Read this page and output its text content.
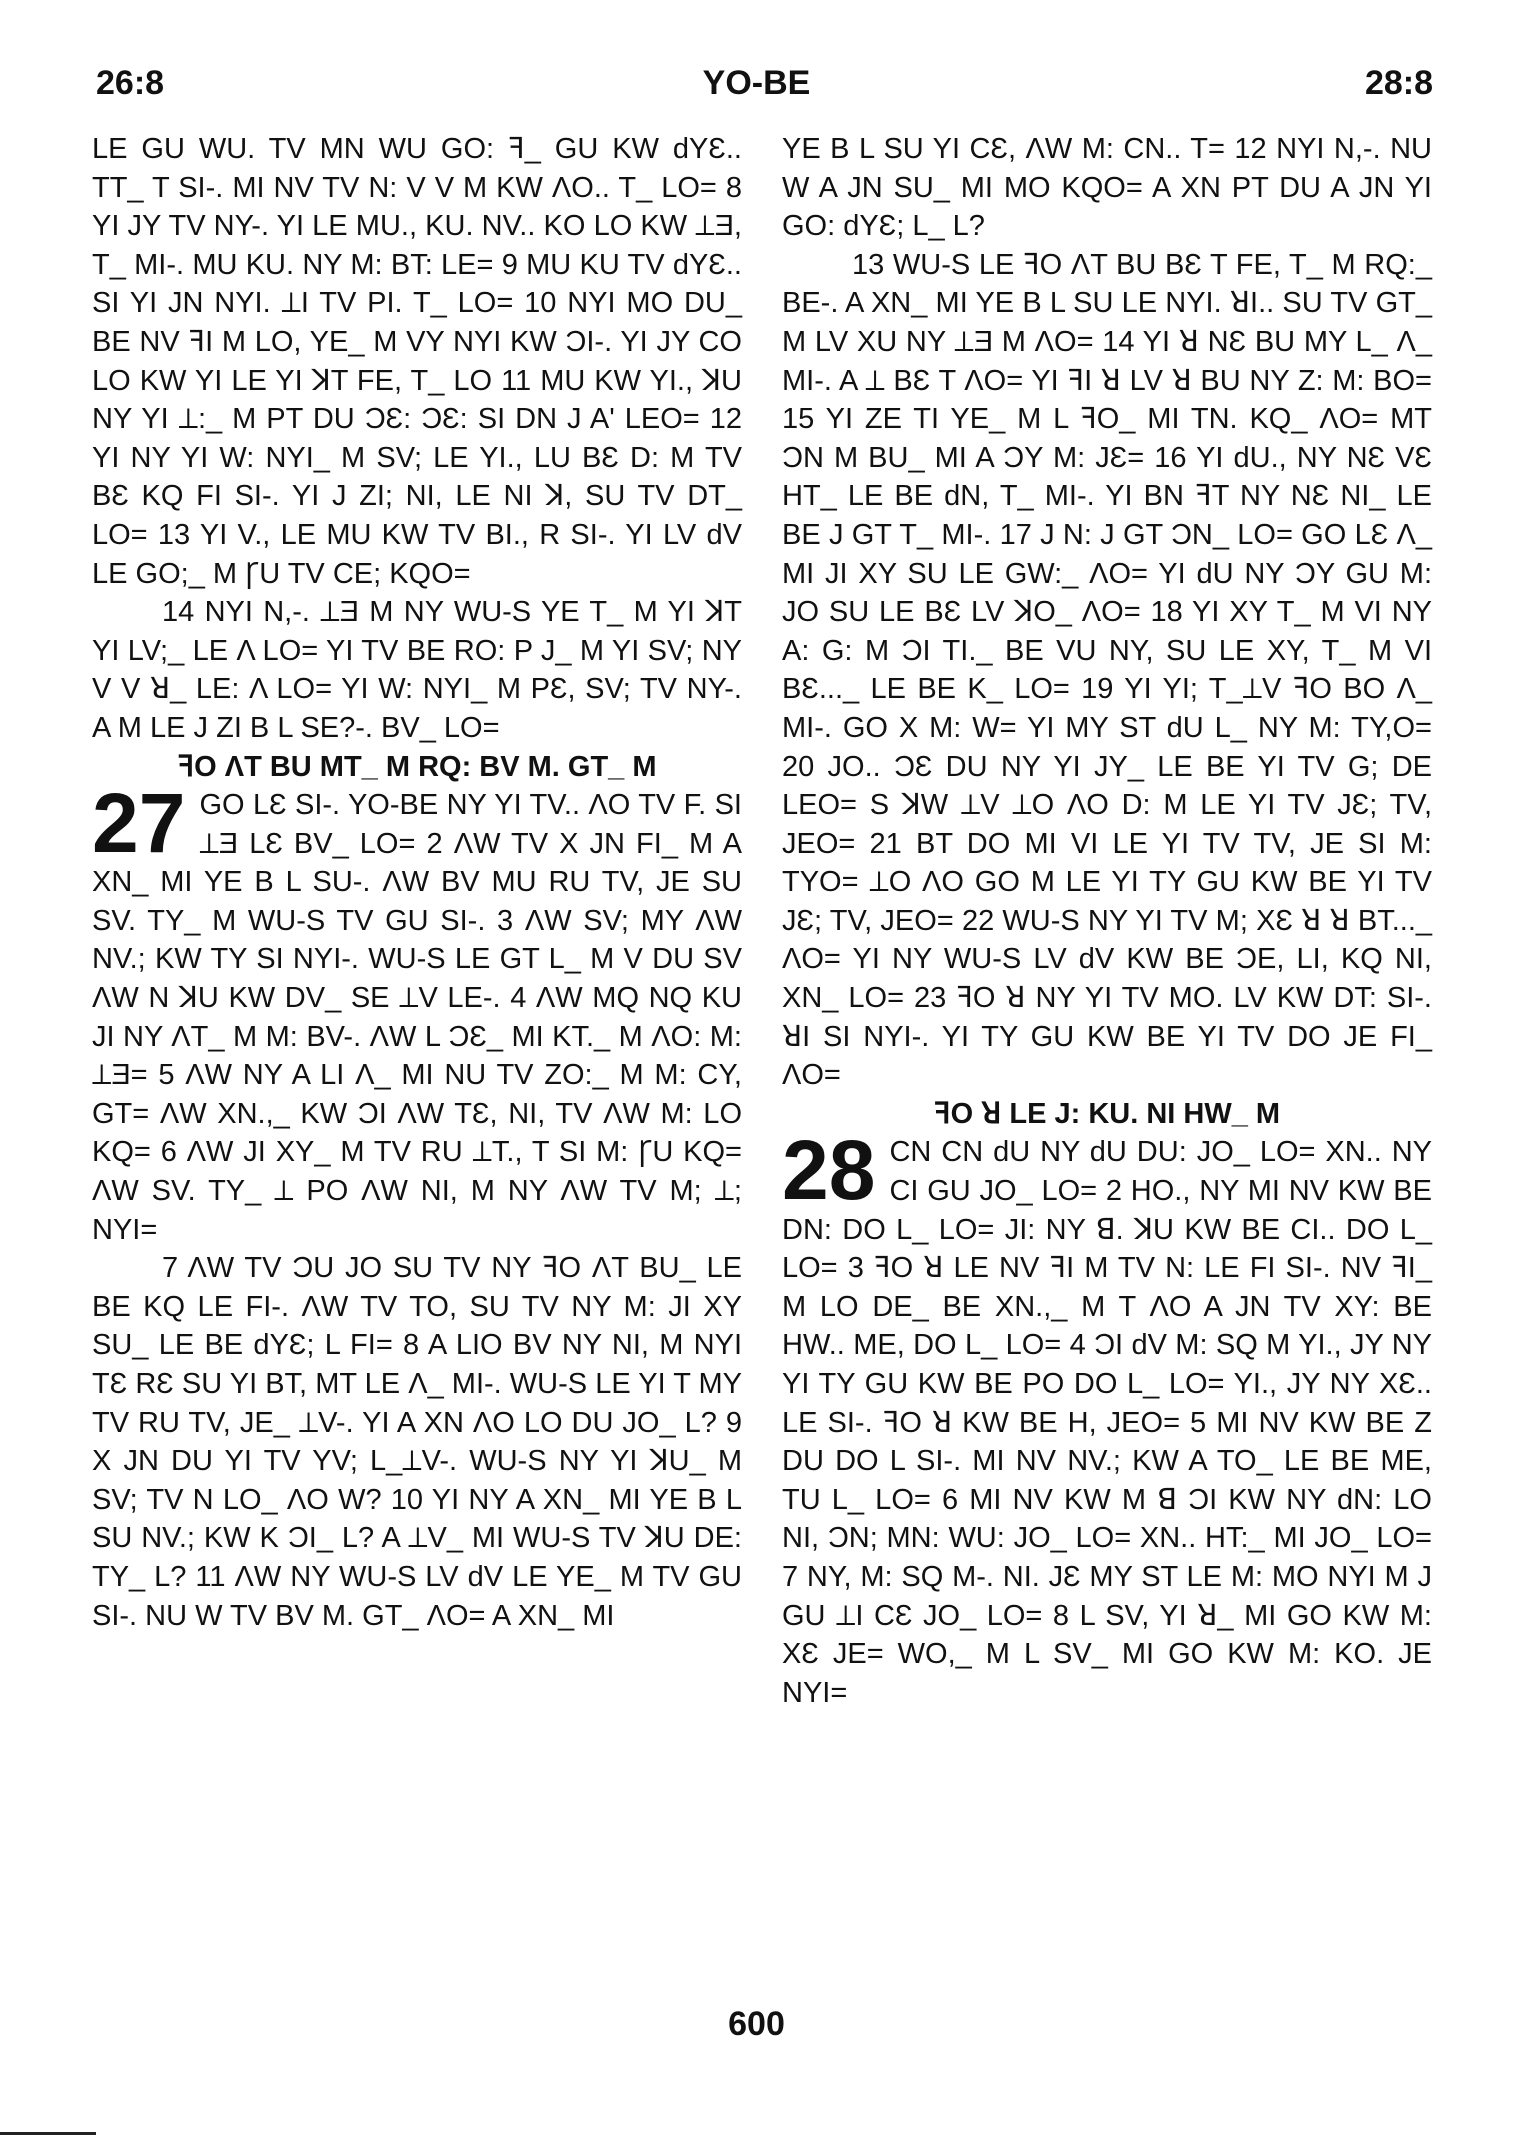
26:8	YO-BE	28:8

LE GU WU. TV MN WU GO: ꟻ_ GU KW dYƐ.. TT_ T SI-. MI NV TV N: V V M KW ΛO.. T_ LO= 8 YI JY TV NY-. YI LE MU., KU. NV.. KO LO KW ⟂Ǝ, T_ MI-. MU KU. NY M: BT: LE= 9 MU KU TV dYƐ.. SI YI JN NYI. ⟂I TV PI. T_ LO= 10 NYI MO DU_ BE NV ꟻI M LO, YE_ M VY NYI KW ƆI-. YI JY CO LO KW YI LE YI ꓘT FE, T_ LO 11 MU KW YI., ꓘU NY YI ⟂:_ M PT DU ƆƐ: ƆƐ: SI DN J A' LEO= 12 YI NY YI W: NYI_ M SV; LE YI., LU BƐ D: M TV BƐ KQ FI SI-. YI J ZI; NI, LE NI ꓘ, SU TV DT_ LO= 13 YI V., LE MU KW TV BI., R SI-. YI LV dV LE GO;_ M ꞄU TV CE; KQO=

14 NYI N,-. ⟂Ǝ M NY WU-S YE T_ M YI ꓘT YI LV;_ LE Λ LO= YI TV BE RO: P J_ M YI SV; NY V V ꓤ_ LE: Λ LO= YI W: NYI_ M PƐ, SV; TV NY-. A M LE J ZI B L SE?-. BV_ LO=

ꟻO ΛT BU MT_ M RQ: BV M. GT_ M

27 GO LƐ SI-. YO-BE NY YI TV.. ΛO TV F. SI ⟂Ǝ LƐ BV_ LO= 2 ΛW TV X JN FI_ M A XN_ MI YE B L SU-. ΛW BV MU RU TV, JE SU SV. TY_ M WU-S TV GU SI-. 3 ΛW SV; MY ΛW NV.; KW TY SI NYI-. WU-S LE GT L_ M V DU SV ΛW N ꓘU KW DV_ SE ⟂V LE-. 4 ΛW MQ NQ KU JI NY ΛT_ M M: BV-. ΛW L ƆƐ_ MI KT._ M ΛO: M: ⟂Ǝ= 5 ΛW NY A LI Λ_ MI NU TV ZO:_ M M: CY, GT= ΛW XN.,_ KW ƆI ΛW TƐ, NI, TV ΛW M: LO KQ= 6 ΛW JI XY_ M TV RU ⟂T., T SI M: ꞄU KQ= ΛW SV. TY_ ⟂ PO ΛW NI, M NY ΛW TV M; ⟂; NYI=

7 ΛW TV ƆU JO SU TV NY ꟻO ΛT BU_ LE BE KQ LE FI-. ΛW TV TO, SU TV NY M: JI XY SU_ LE BE dYƐ; L FI= 8 A LIO BV NY NI, M NYI TƐ RƐ SU YI BT, MT LE Λ_ MI-. WU-S LE YI T MY TV RU TV, JE_ ⟂V-. YI A XN ΛO LO DU JO_ L? 9 X JN DU YI TV YV; L_⟂V-. WU-S NY YI ꓘU_ M SV; TV N LO_ ΛO W? 10 YI NY A XN_ MI YE B L SU NV.; KW K ƆI_ L? A ⟂V_ MI WU-S TV ꓘU DE: TY_ L? 11 ΛW NY WU-S LV dV LE YE_ M TV GU SI-. NU W TV BV M. GT_ ΛO= A XN_ MI

YE B L SU YI CƐ, ΛW M: CN.. T= 12 NYI N,-. NU W A JN SU_ MI MO KQO= A XN PT DU A JN YI GO: dYƐ; L_ L?

13 WU-S LE ꟻO ΛT BU BƐ T FE, T_ M RQ:_ BE-. A XN_ MI YE B L SU LE NYI. ꓤI.. SU TV GT_ M LV XU NY ⟂Ǝ M ΛO= 14 YI ꓤ NƐ BU MY L_ Λ_ MI-. A ⟂ BƐ T ΛO= YI ꟻI ꓤ LV ꓤ BU NY Z: M: BO= 15 YI ZE TI YE_ M L ꟻO_ MI TN. KQ_ ΛO= MT ƆN M BU_ MI A ƆY M: JƐ= 16 YI dU., NY NƐ VƐ HT_ LE BE dN, T_ MI-. YI BN ꟻT NY NƐ NI_ LE BE J GT T_ MI-. 17 J N: J GT ƆN_ LO= GO LƐ Λ_ MI JI XY SU LE GW:_ ΛO= YI dU NY ƆY GU M: JO SU LE BƐ LV ꓘO_ ΛO= 18 YI XY T_ M VI NY A: G: M ƆI TI._ BE VU NY, SU LE XY, T_ M VI BƐ..._ LE BE K_ LO= 19 YI YI; T_⟂V ꟻO BO Λ_ MI-. GO X M: W= YI MY ST dU L_ NY M: TY,O= 20 JO.. ƆƐ DU NY YI JY_ LE BE YI TV G; DE LEO= S ꓘW ⟂V ⟂O ΛO D: M LE YI TV JƐ; TV, JEO= 21 BT DO MI VI LE YI TV TV, JE SI M: TYO= ⟂O ΛO GO M LE YI TY GU KW BE YI TV JƐ; TV, JEO= 22 WU-S NY YI TV M; XƐ ꓤ ꓤ BT..._ ΛO= YI NY WU-S LV dV KW BE ƆE, LI, KQ NI, XN_ LO= 23 ꟻO ꓤ NY YI TV MO. LV KW DT: SI-. ꓤI SI NYI-. YI TY GU KW BE YI TV DO JE FI_ ΛO=

ꟻO ꓤ LE J: KU. NI HW_ M

28 CN CN dU NY dU DU: JO_ LO= XN.. NY CI GU JO_ LO= 2 HO., NY MI NV KW BE DN: DO L_ LO= JI: NY ꓭ. ꓘU KW BE CI.. DO L_ LO= 3 ꟻO ꓤ LE NV ꟻI M TV N: LE FI SI-. NV ꟻI_ M LO DE_ BE XN.,_ M T ΛO A JN TV XY: BE HW.. ME, DO L_ LO= 4 ƆI dV M: SQ M YI., JY NY YI TY GU KW BE PO DO L_ LO= YI., JY NY XƐ.. LE SI-. ꟻO ꓤ KW BE H, JEO= 5 MI NV KW BE Z DU DO L SI-. MI NV NV.; KW A TO_ LE BE ME, TU L_ LO= 6 MI NV KW M ꓭ ƆI KW NY dN: LO NI, ƆN; MN: WU: JO_ LO= XN.. HT:_ MI JO_ LO= 7 NY, M: SQ M-. NI. JƐ MY ST LE M: MO NYI M J GU ⟂I CƐ JO_ LO= 8 L SV, YI ꓤ_ MI GO KW M: XƐ JE= WO,_ M L SV_ MI GO KW M: KO. JE NYI=

600
